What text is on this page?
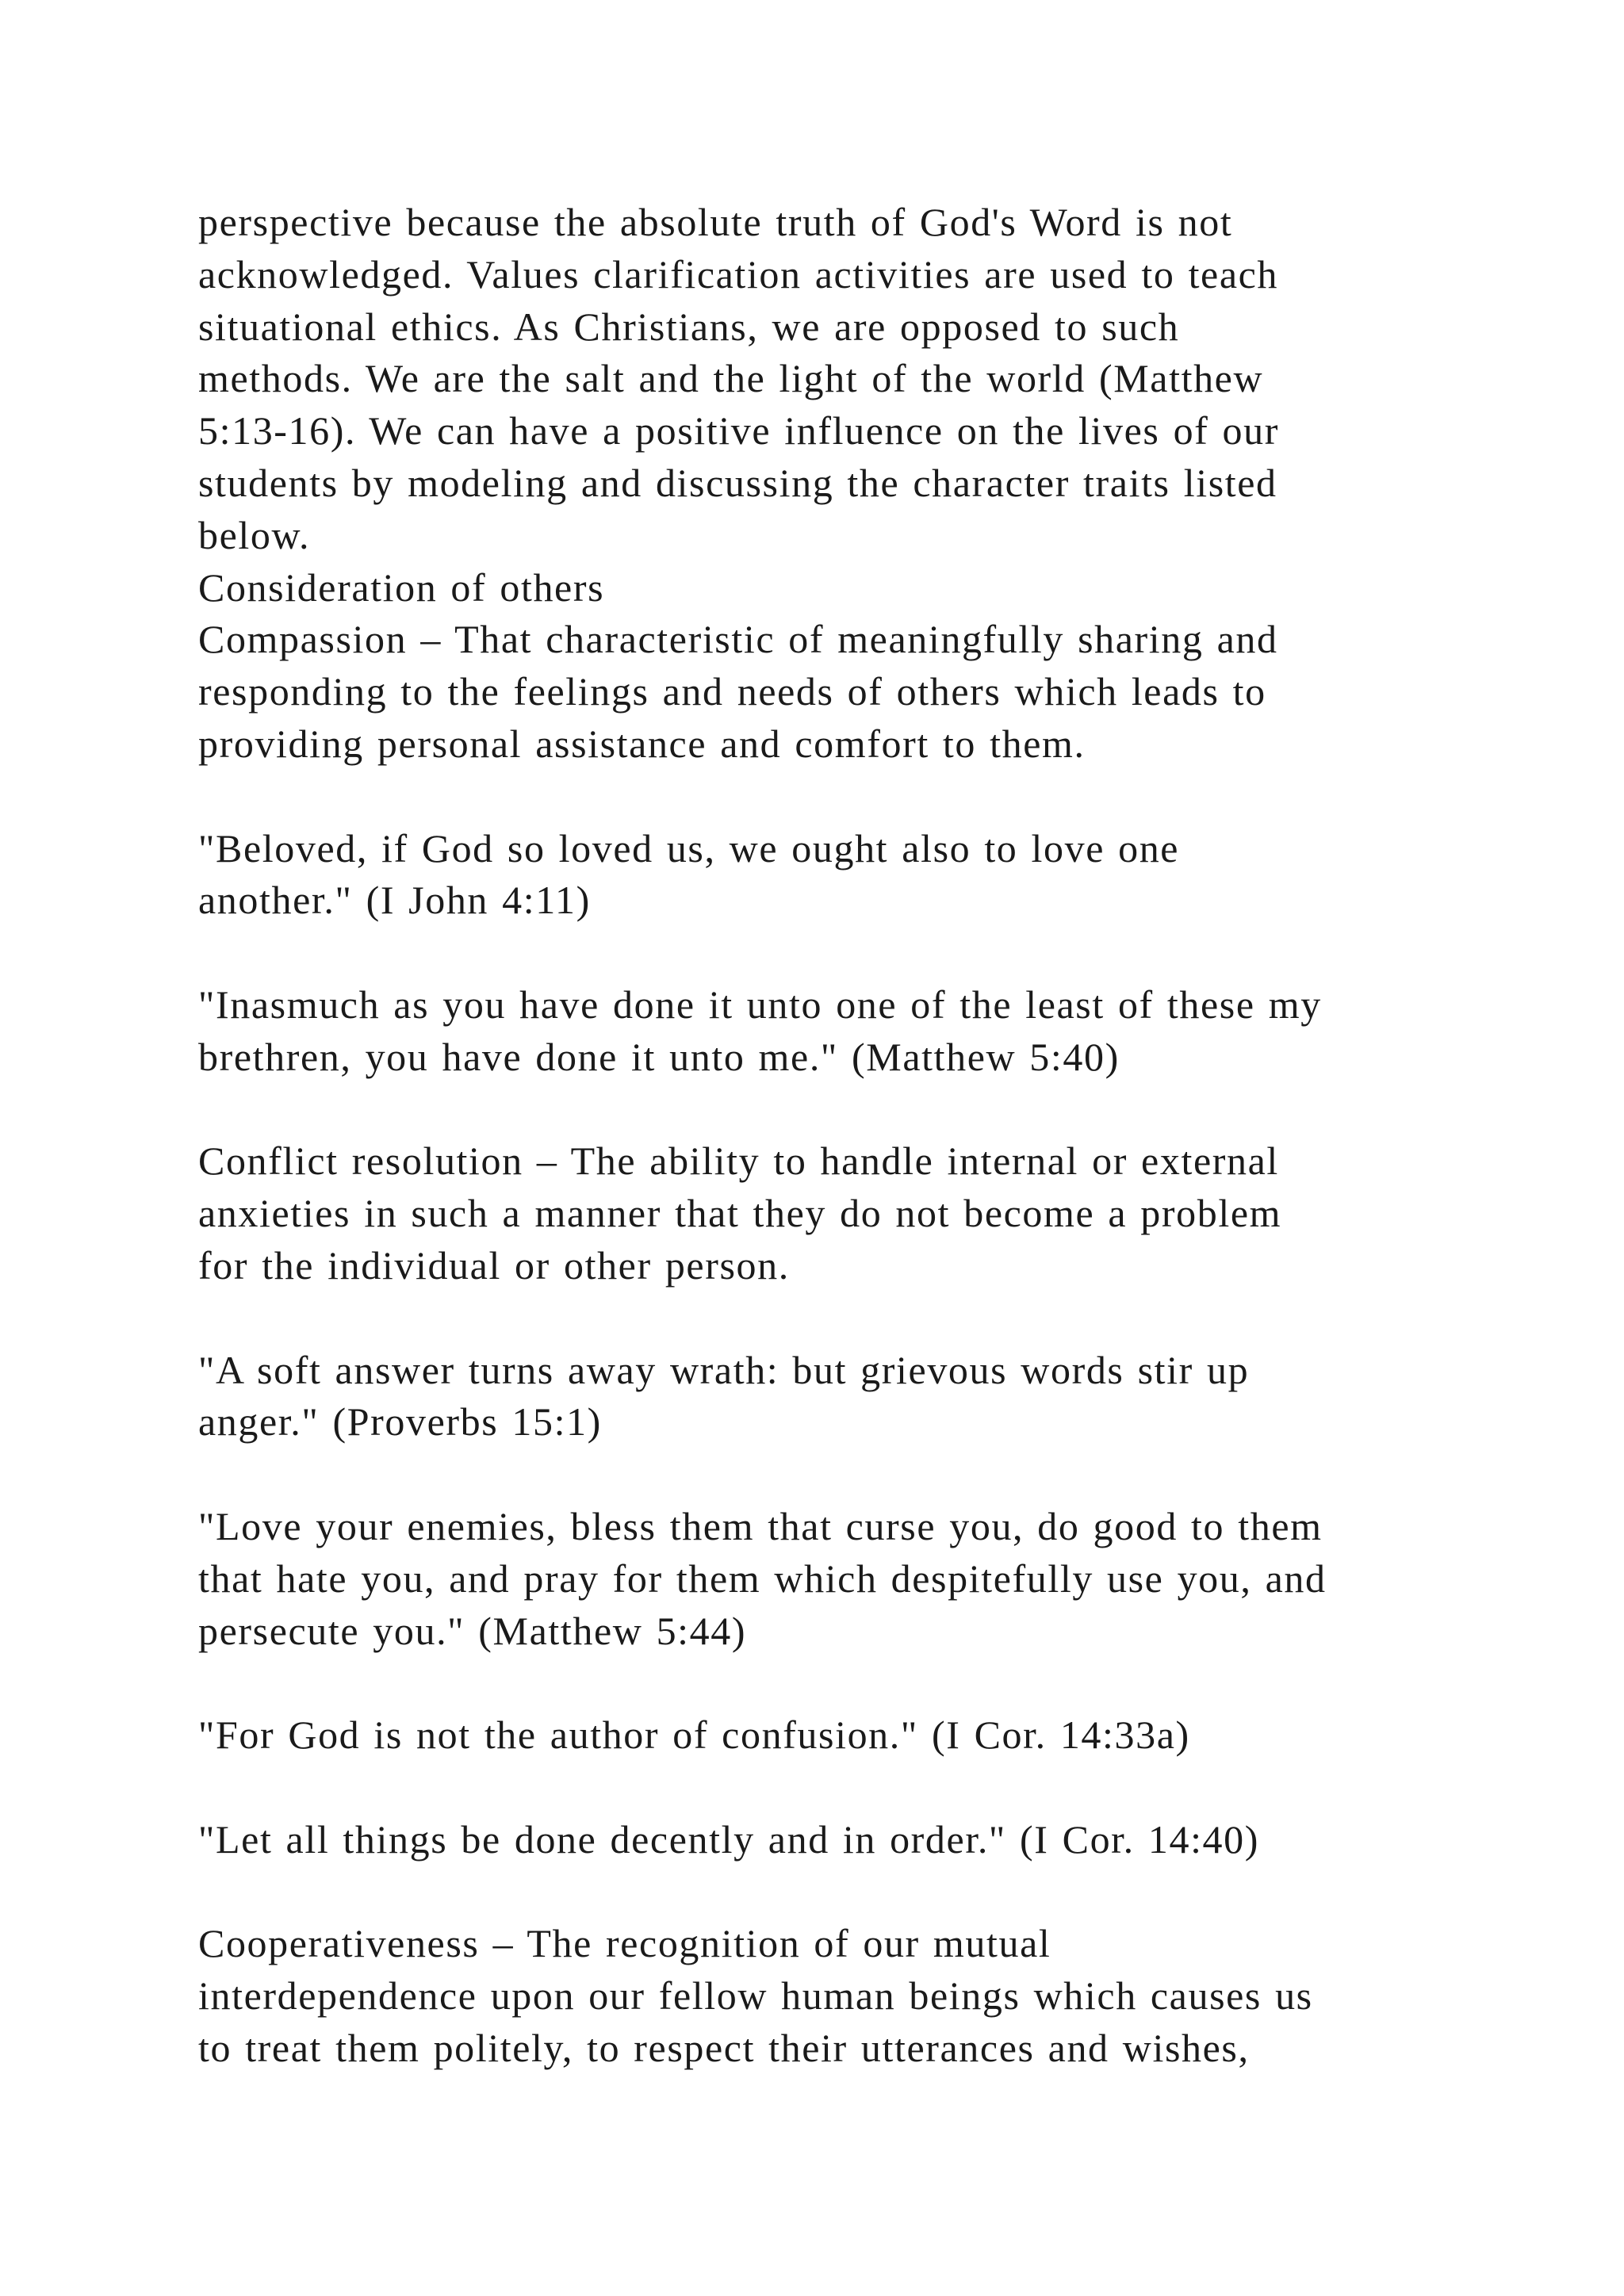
perspective because the absolute truth of God's Word is not
acknowledged. Values clarification activities are used to teach
situational ethics. As Christians, we are opposed to such
methods. We are the salt and the light of the world (Matthew
5:13-16). We can have a positive influence on the lives of our
students by modeling and discussing the character traits listed
below.
Consideration of others
Compassion – That characteristic of meaningfully sharing and
responding to the feelings and needs of others which leads to
providing personal assistance and comfort to them.
"Beloved, if God so loved us, we ought also to love one
another." (I John 4:11)
"Inasmuch as you have done it unto one of the least of these my
brethren, you have done it unto me." (Matthew 5:40)
Conflict resolution – The ability to handle internal or external
anxieties in such a manner that they do not become a problem
for the individual or other person.
"A soft answer turns away wrath: but grievous words stir up
anger." (Proverbs 15:1)
"Love your enemies, bless them that curse you, do good to them
that hate you, and pray for them which despitefully use you, and
persecute you." (Matthew 5:44)
"For God is not the author of confusion." (I Cor. 14:33a)
"Let all things be done decently and in order." (I Cor. 14:40)
Cooperativeness – The recognition of our mutual
interdependence upon our fellow human beings which causes us
to treat them politely, to respect their utterances and wishes,
